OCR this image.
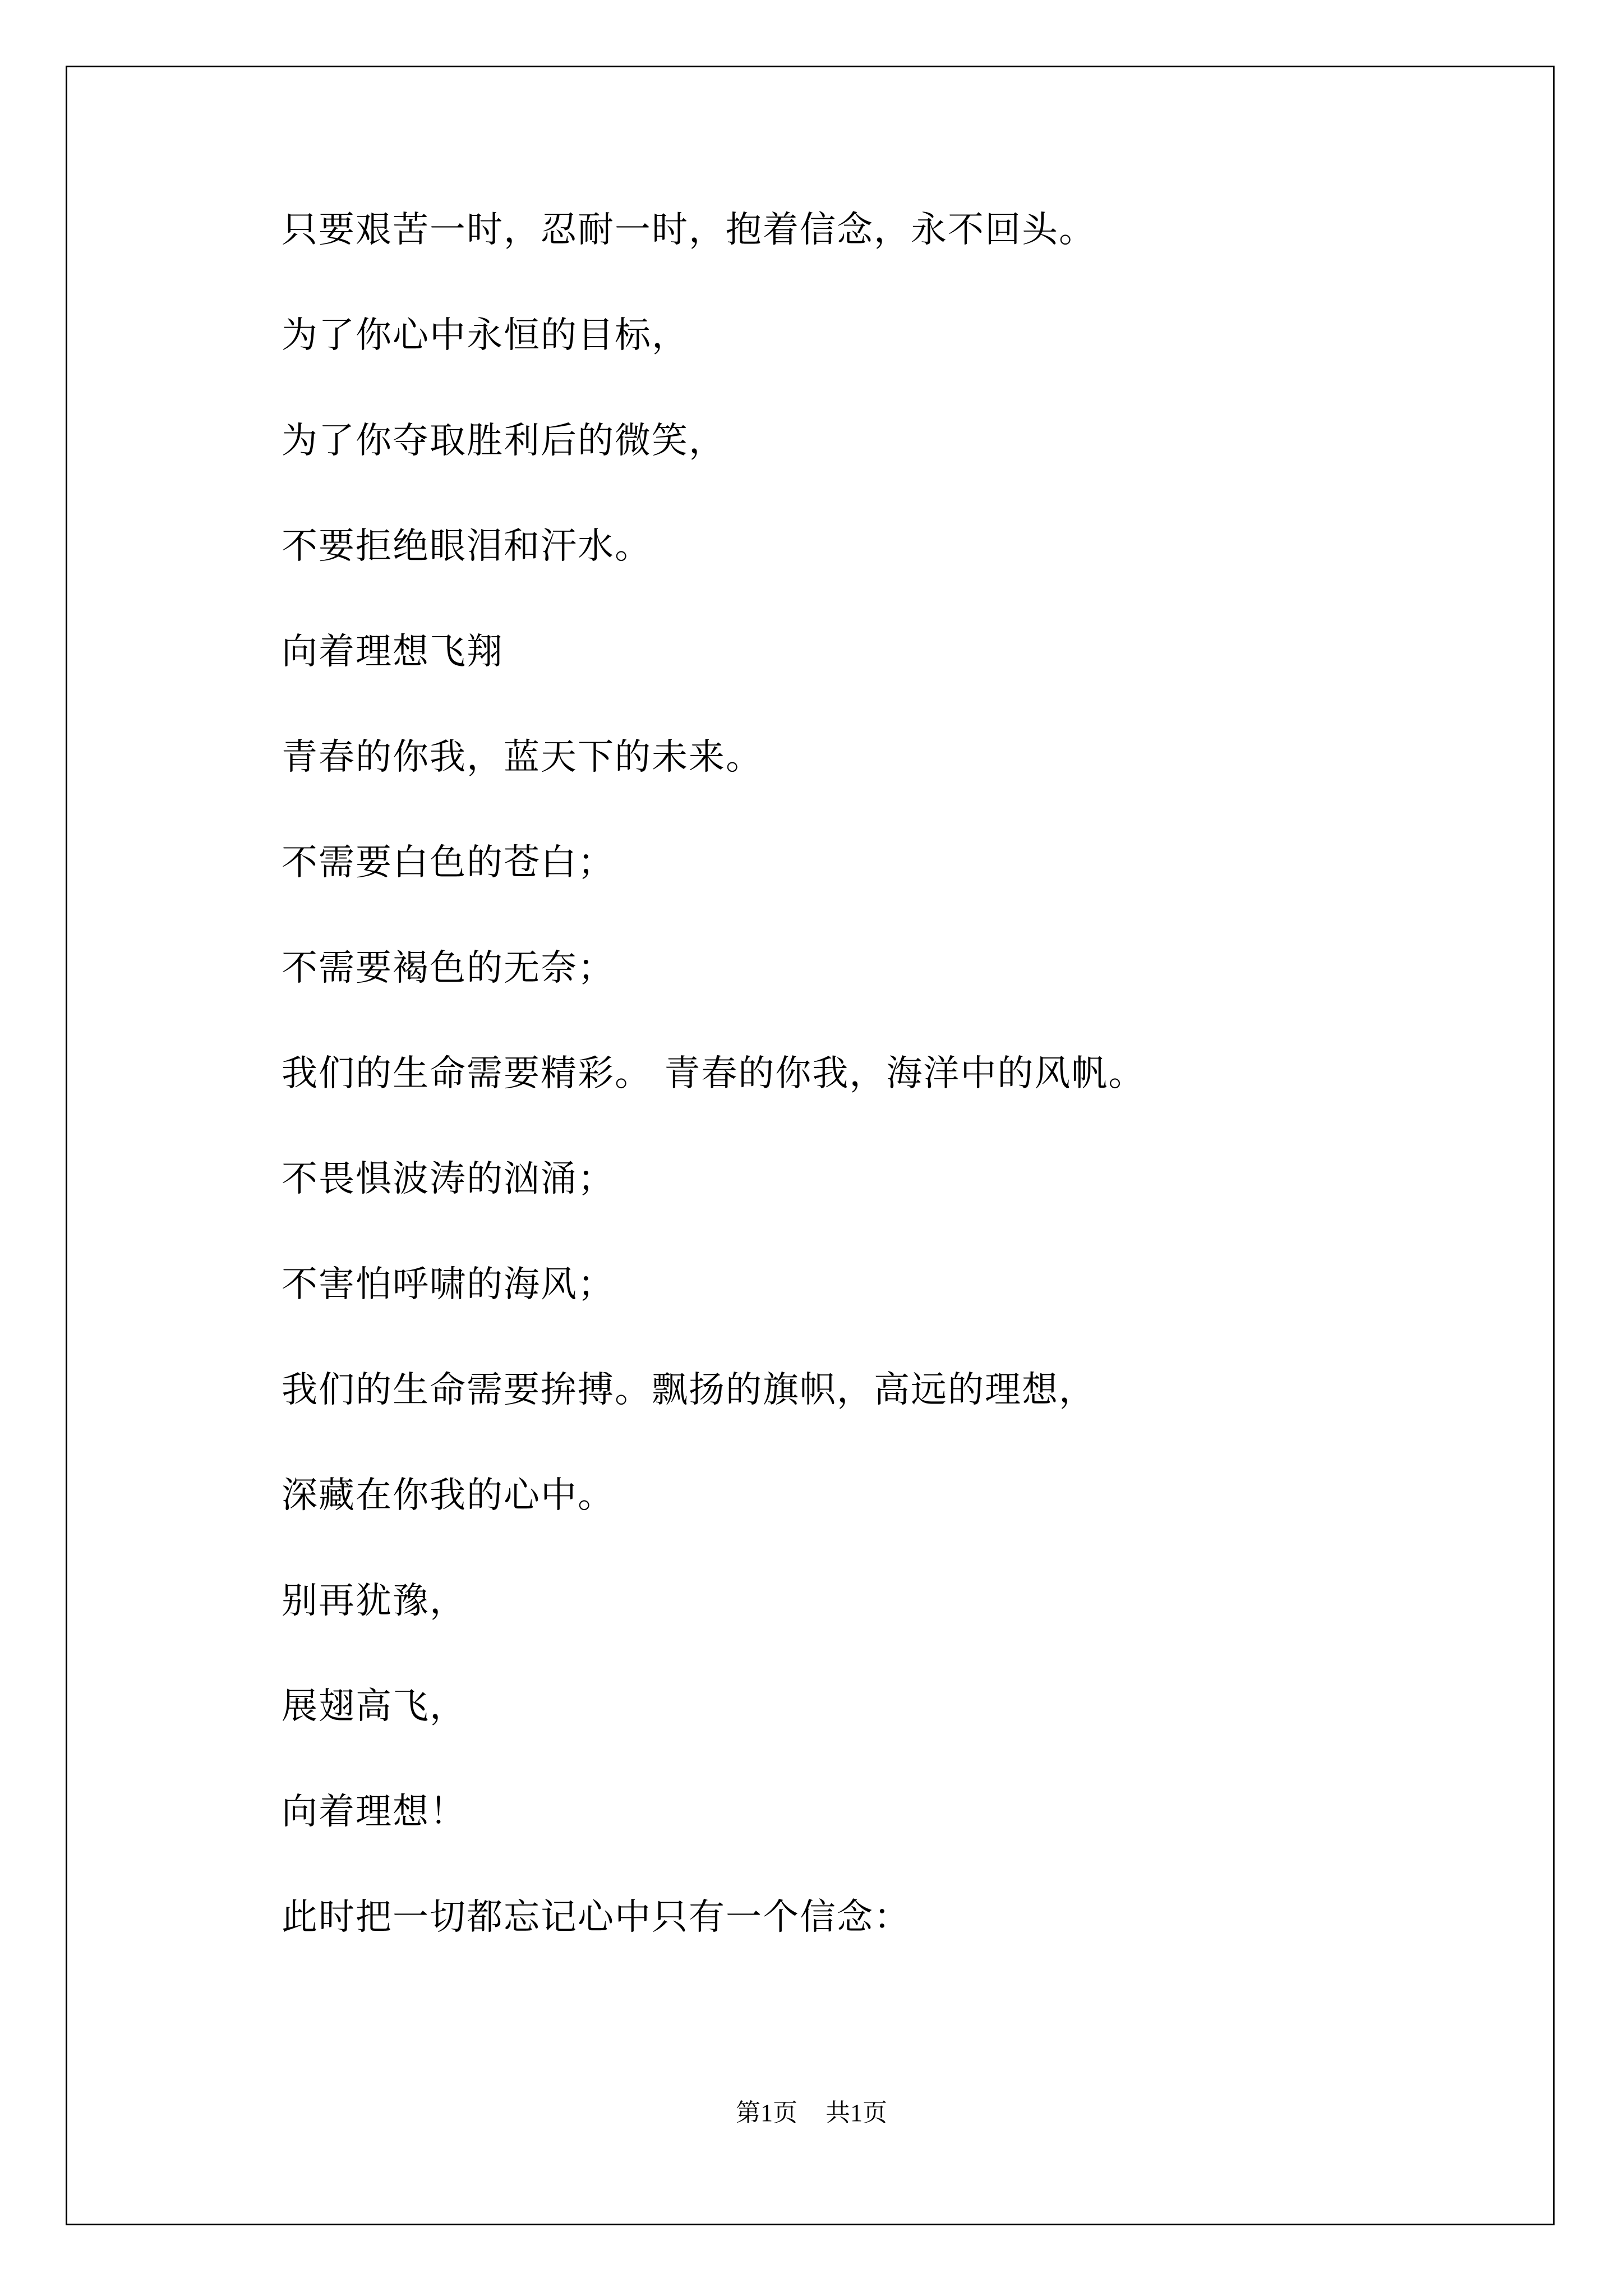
只要艰苦一时，忍耐一时，抱着信念，永不回头。

为了你心中永恒的目标，

为了你夺取胜利后的微笑，

不要拒绝眼泪和汗水。

向着理想飞翔

青春的你我，蓝天下的未来。

不需要白色的苍白；

不需要褐色的无奈；

我们的生命需要精彩。 青春的你我，海洋中的风帆。

不畏惧波涛的汹涌；

不害怕呼啸的海风；

我们的生命需要拚搏。飘扬的旗帜，高远的理想，

深藏在你我的心中。

别再犹豫，

展翅高飞，

向着理想！

此时把一切都忘记心中只有一个信念：

第1页 共1页
